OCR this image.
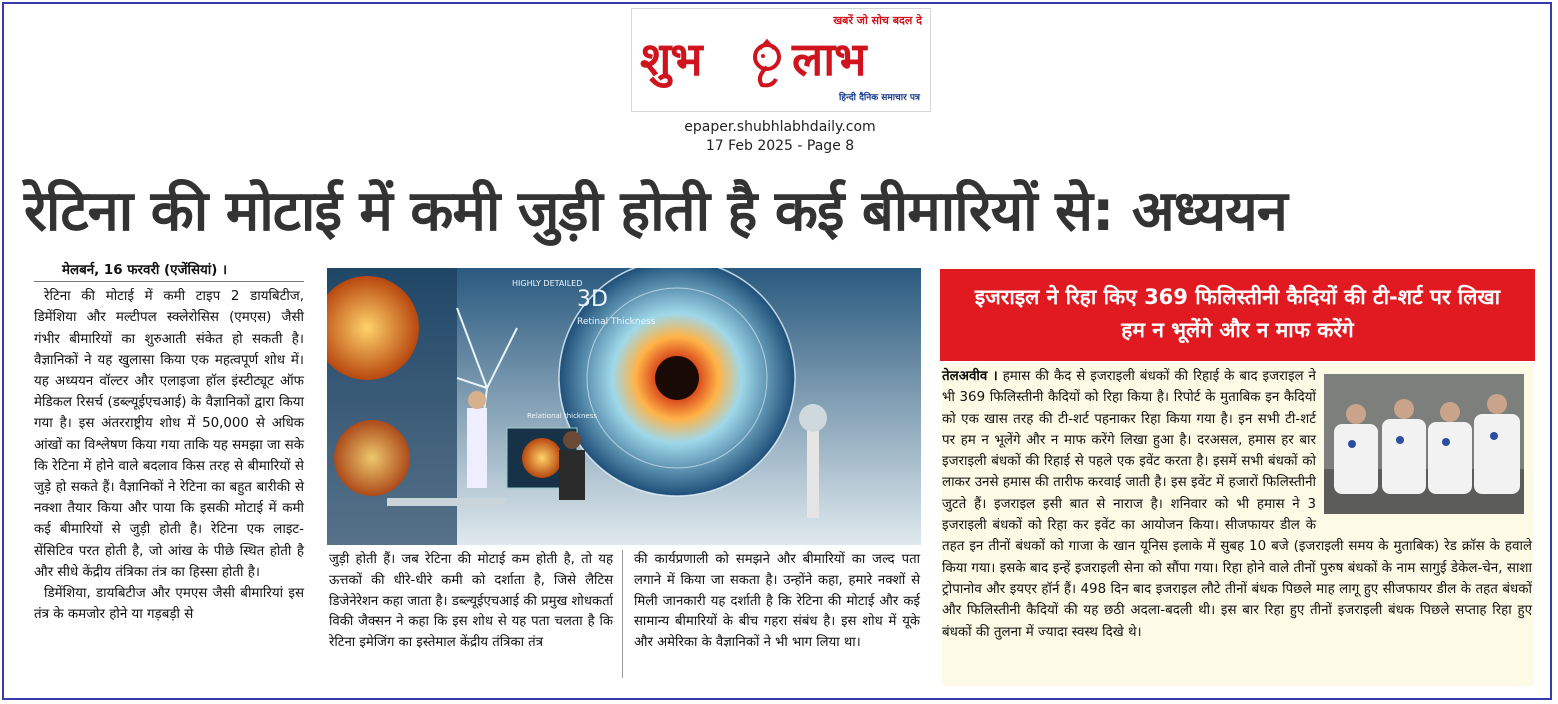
खबरें जो सोच बदल दे
शुभ लाभ
हिन्दी दैनिक समाचार पत्र
epaper.shubhlabhdaily.com
17 Feb 2025 - Page 8
रेटिना की मोटाई में कमी जुड़ी होती है कई बीमारियों से: अध्ययन
मेलबर्न, 16 फरवरी (एजेंसियां) ।

रेटिना की मोटाई में कमी टाइप 2 डायबिटीज, डिमेंशिया और मल्टीपल स्क्लेरोसिस (एमएस) जैसी गंभीर बीमारियों का शुरुआती संकेत हो सकती है। वैज्ञानिकों ने यह खुलासा किया एक महत्वपूर्ण शोध में। यह अध्ययन वॉल्टर और एलाइजा हॉल इंस्टीट्यूट ऑफ मेडिकल रिसर्च (डब्ल्यूईएचआई) के वैज्ञानिकों द्वारा किया गया है। इस अंतरराष्ट्रीय शोध में 50,000 से अधिक आंखों का विश्लेषण किया गया ताकि यह समझा जा सके कि रेटिना में होने वाले बदलाव किस तरह से बीमारियों से जुड़े हो सकते हैं। वैज्ञानिकों ने रेटिना का बहुत बारीकी से नक्शा तैयार किया और पाया कि इसकी मोटाई में कमी कई बीमारियों से जुड़ी होती है। रेटिना एक लाइट-सेंसिटिव परत होती है, जो आंख के पीछे स्थित होती है और सीधे केंद्रीय तंत्रिका तंत्र का हिस्सा होती है।

डिमेंशिया, डायबिटीज और एमएस जैसी बीमारियां इस तंत्र के कमजोर होने या गड़बड़ी से

3D
Retinal Thickness
HIGHLY DETAILED
Relational thickness
जुड़ी होती हैं। जब रेटिना की मोटाई कम होती है, तो यह ऊत्तकों की धीरे-धीरे कमी को दर्शाता है, जिसे लैटिस डिजेनेरेशन कहा जाता है। डब्ल्यूईएचआई की प्रमुख शोधकर्ता विकी जैक्सन ने कहा कि इस शोध से यह पता चलता है कि रेटिना इमेजिंग का इस्तेमाल केंद्रीय तंत्रिका तंत्र
की कार्यप्रणाली को समझने और बीमारियों का जल्द पता लगाने में किया जा सकता है। उन्होंने कहा, हमारे नक्शों से मिली जानकारी यह दर्शाती है कि रेटिना की मोटाई और कई सामान्य बीमारियों के बीच गहरा संबंध है। इस शोध में यूके और अमेरिका के वैज्ञानिकों ने भी भाग लिया था।
इजराइल ने रिहा किए 369 फिलिस्तीनी कैदियों की टी-शर्ट पर लिखा
हम न भूलेंगे और न माफ करेंगे
तेलअवीव । हमास की कैद से इजराइली बंधकों की रिहाई के बाद इजराइल ने भी 369 फिलिस्तीनी कैदियों को रिहा किया है। रिपोर्ट के मुताबिक इन कैदियों को एक खास तरह की टी-शर्ट पहनाकर रिहा किया गया है। इन सभी टी-शर्ट पर हम न भूलेंगे और न माफ करेंगे लिखा हुआ है। दरअसल, हमास हर बार इजराइली बंधकों की रिहाई से पहले एक इवेंट करता है। इसमें सभी बंधकों को लाकर उनसे हमास की तारीफ करवाई जाती है। इस इवेंट में हजारों फिलिस्तीनी जुटते हैं। इजराइल इसी बात से नाराज है। शनिवार को भी हमास ने 3 इजराइली बंधकों को रिहा कर इवेंट का आयोजन किया। सीजफायर डील के तहत इन तीनों बंधकों को गाजा के खान यूनिस इलाके में सुबह 10 बजे (इजराइली समय के मुताबिक) रेड क्रॉस के हवाले किया गया। इसके बाद इन्हें इजराइली सेना को सौंपा गया। रिहा होने वाले तीनों पुरुष बंधकों के नाम सागुई डेकेल-चेन, साशा ट्रोपानोव और इयएर हॉर्न हैं। 498 दिन बाद इजराइल लौटे तीनों बंधक पिछले माह लागू हुए सीजफायर डील के तहत बंधकों और फिलिस्तीनी कैदियों की यह छठी अदला-बदली थी। इस बार रिहा हुए तीनों इजराइली बंधक पिछले सप्ताह रिहा हुए बंधकों की तुलना में ज्यादा स्वस्थ दिखे थे।
